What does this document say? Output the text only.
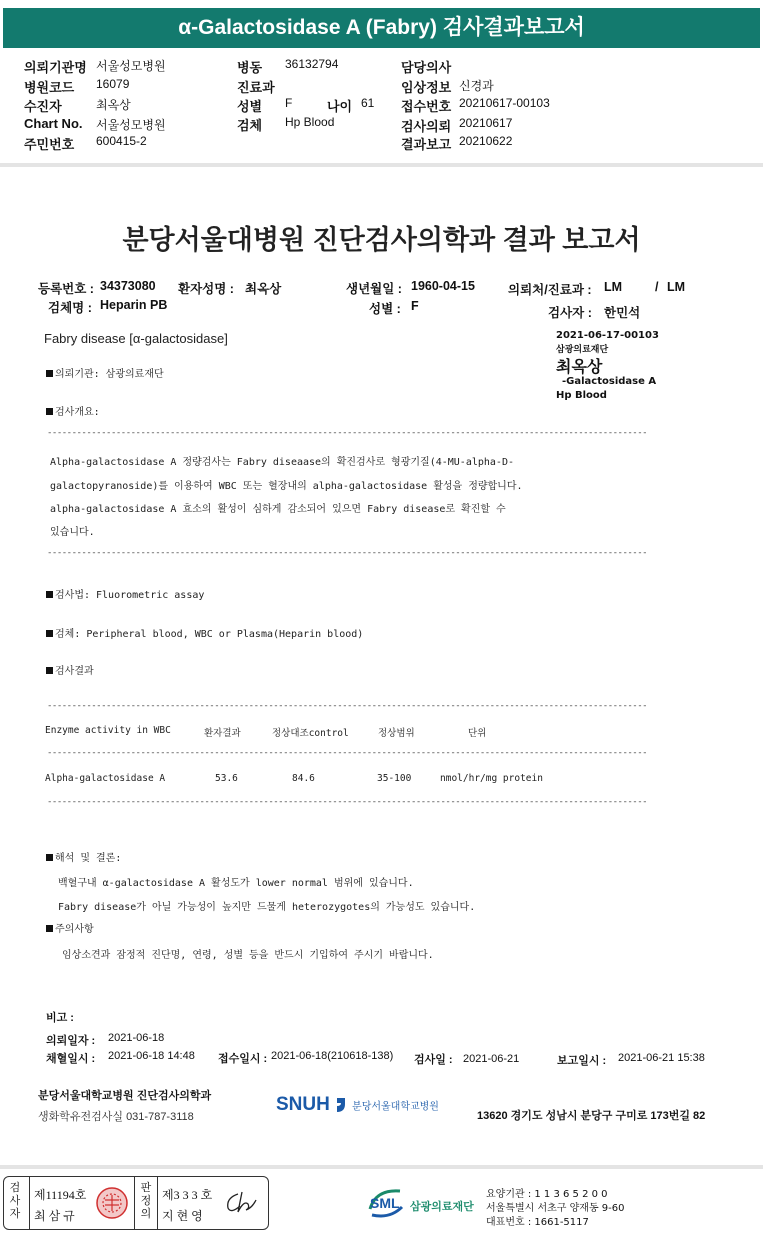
α-Galactosidase A (Fabry) 검사결과보고서
의뢰기관명 서울성모병원
병원코드 16079
수진자	최옥상
Chart No. 서울성모병원
주민번호 600415-2
병동 36132794
진료과
성별 F	나이 61
검체 Hp Blood
담당의사
임상정보 신경과
접수번호 20210617-00103
검사의뢰 20210617
결과보고 20210622
분당서울대병원 진단검사의학과 결과 보고서
등록번호 : 34373080 환자성명 : 최옥상	생년월일 : 1960-04-15	의뢰처/진료과 : LM	/ LM
검체명 : Heparin PB	성별 : F	검사자 : 한민석
Fabry disease [α-galactosidase]	2021-06-17-00103
삼광의료재단
최옥상
-Galactosidase A
Hp Blood
의뢰기관: 삼광의료재단
검사개요:
--------------------------------------------------------------------------------------------------------------------------
Alpha-galactosidase A 정량검사는 Fabry diseaase의 확진검사로 형광기질(4-MU-alpha-D-
galactopyranoside)를 이용하여 WBC 또는 혈장내의 alpha-galactosidase 활성을 정량합니다.
alpha-galactosidase A 효소의 활성이 심하게 감소되어 있으면 Fabry disease로 확진할 수
있습니다.
--------------------------------------------------------------------------------------------------------------------------
검사법: Fluorometric assay
검체: Peripheral blood, WBC or Plasma(Heparin blood)
검사결과
--------------------------------------------------------------------------------------------------------------------------
Enzyme activity in WBC	환자결과	정상대조control	정상범위	단위
--------------------------------------------------------------------------------------------------------------------------
Alpha-galactosidase A	53.6	84.6	35-100	nmol/hr/mg protein
--------------------------------------------------------------------------------------------------------------------------
해석 및 결론:
백혈구내 α-galactosidase A 활성도가 lower normal 범위에 있습니다.
Fabry disease가 아닐 가능성이 높지만 드물게 heterozygotes의 가능성도 있습니다.
주의사항
임상소견과 잠정적 진단명, 연령, 성별 등을 반드시 기입하여 주시기 바랍니다.
비고 :
의뢰일자 : 2021-06-18
채혈일시 : 2021-06-18 14:48 접수일시 : 2021-06-18(210618-138) 검사일 : 2021-06-21	보고일시 : 2021-06-21 15:38
분당서울대학교병원 진단검사의학과
생화학유전검사실 031-787-3118
SNUH 분당서울대학교병원
13620 경기도 성남시 분당구 구미로 173번길 82
검사자
제11194호
최 삼 규
판정의
제3 3 3 호
지 현 영
SML 삼광의료재단
요양기관 : 1 1 3 6 5 2 0 0
서울특별시 서초구 양재동 9-60
대표번호 : 1661-5117
